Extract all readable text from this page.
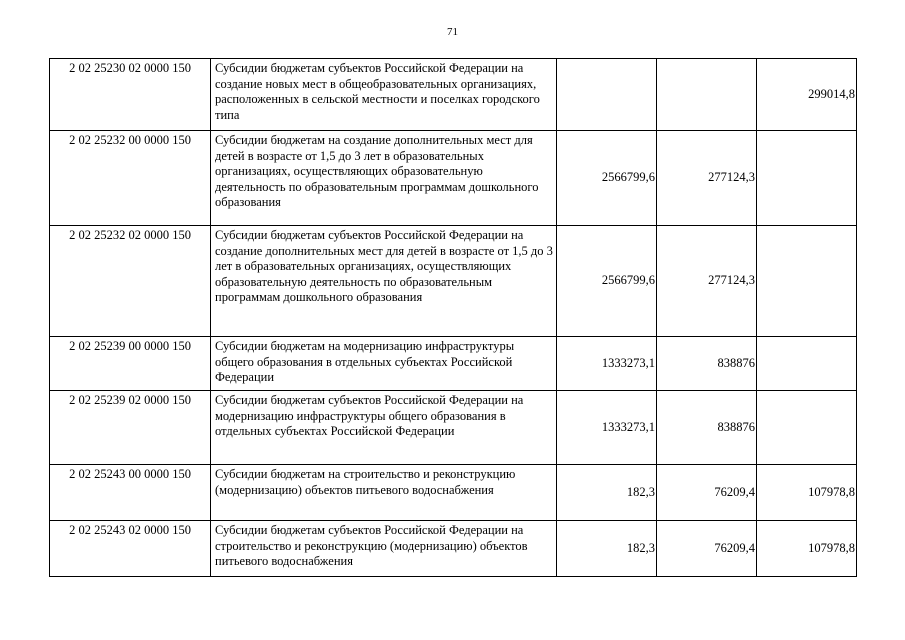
71
2 02 25230 02 0000 150	Субсидии бюджетам субъектов Российской Федерации на создание новых мест в общеобразовательных организациях, расположенных в сельской местности и поселках городского типа			299014,8
2 02 25232 00 0000 150	Субсидии бюджетам на создание дополнительных мест для детей в возрасте от 1,5 до 3 лет в образовательных организациях, осуществляющих образовательную деятельность по образовательным программам дошкольного образования	2566799,6	277124,3	
2 02 25232 02 0000 150	Субсидии бюджетам субъектов Российской Федерации на создание дополнительных мест для детей в возрасте от 1,5 до 3 лет в образовательных организациях, осуществляющих образовательную деятельность по образовательным программам дошкольного образования	2566799,6	277124,3	
2 02 25239 00 0000 150	Субсидии бюджетам на модернизацию инфраструктуры общего образования в отдельных субъектах Российской Федерации	1333273,1	838876	
2 02 25239 02 0000 150	Субсидии бюджетам субъектов Российской Федерации на модернизацию инфраструктуры общего образования в отдельных субъектах Российской Федерации	1333273,1	838876	
2 02 25243 00 0000 150	Субсидии бюджетам на строительство и реконструкцию (модернизацию) объектов питьевого водоснабжения	182,3	76209,4	107978,8
2 02 25243 02 0000 150	Субсидии бюджетам субъектов Российской Федерации на строительство и реконструкцию (модернизацию) объектов питьевого водоснабжения	182,3	76209,4	107978,8
